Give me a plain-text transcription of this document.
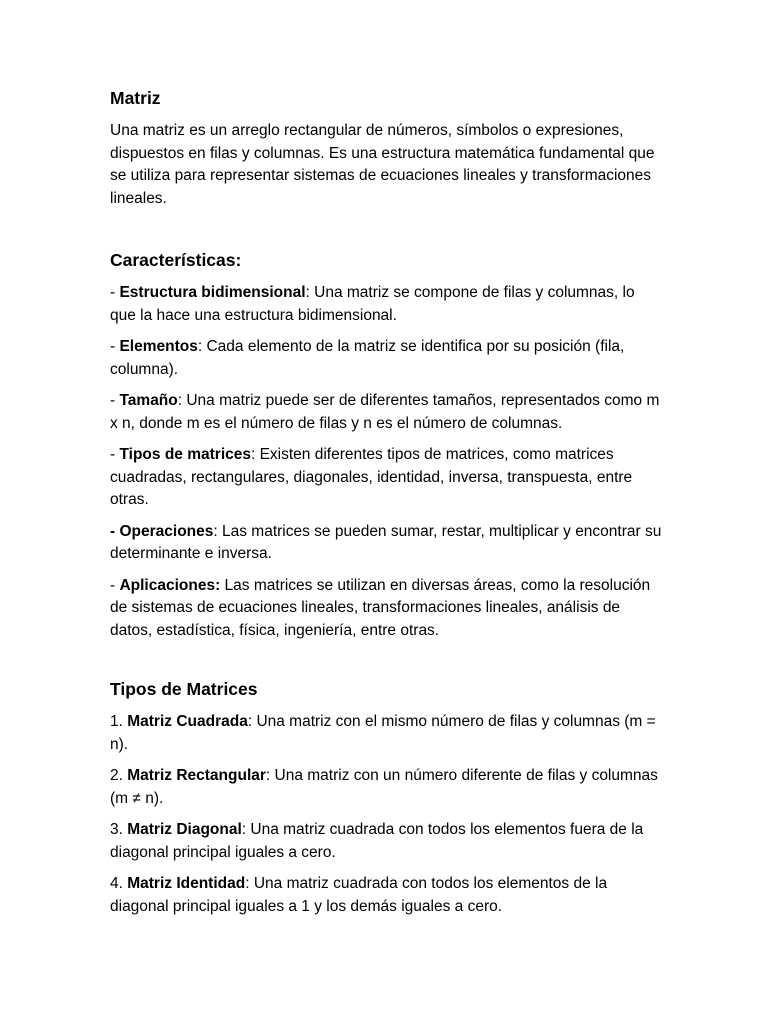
Matriz

Una matriz es un arreglo rectangular de números, símbolos o expresiones, dispuestos en filas y columnas. Es una estructura matemática fundamental que se utiliza para representar sistemas de ecuaciones lineales y transformaciones lineales.

Características:

- Estructura bidimensional: Una matriz se compone de filas y columnas, lo que la hace una estructura bidimensional.

- Elementos: Cada elemento de la matriz se identifica por su posición (fila, columna).

- Tamaño: Una matriz puede ser de diferentes tamaños, representados como m x n, donde m es el número de filas y n es el número de columnas.

- Tipos de matrices: Existen diferentes tipos de matrices, como matrices cuadradas, rectangulares, diagonales, identidad, inversa, transpuesta, entre otras.

- Operaciones: Las matrices se pueden sumar, restar, multiplicar y encontrar su determinante e inversa.

- Aplicaciones: Las matrices se utilizan en diversas áreas, como la resolución de sistemas de ecuaciones lineales, transformaciones lineales, análisis de datos, estadística, física, ingeniería, entre otras.

Tipos de Matrices

1. Matriz Cuadrada: Una matriz con el mismo número de filas y columnas (m = n).

2. Matriz Rectangular: Una matriz con un número diferente de filas y columnas (m ≠ n).

3. Matriz Diagonal: Una matriz cuadrada con todos los elementos fuera de la diagonal principal iguales a cero.

4. Matriz Identidad: Una matriz cuadrada con todos los elementos de la diagonal principal iguales a 1 y los demás iguales a cero.
